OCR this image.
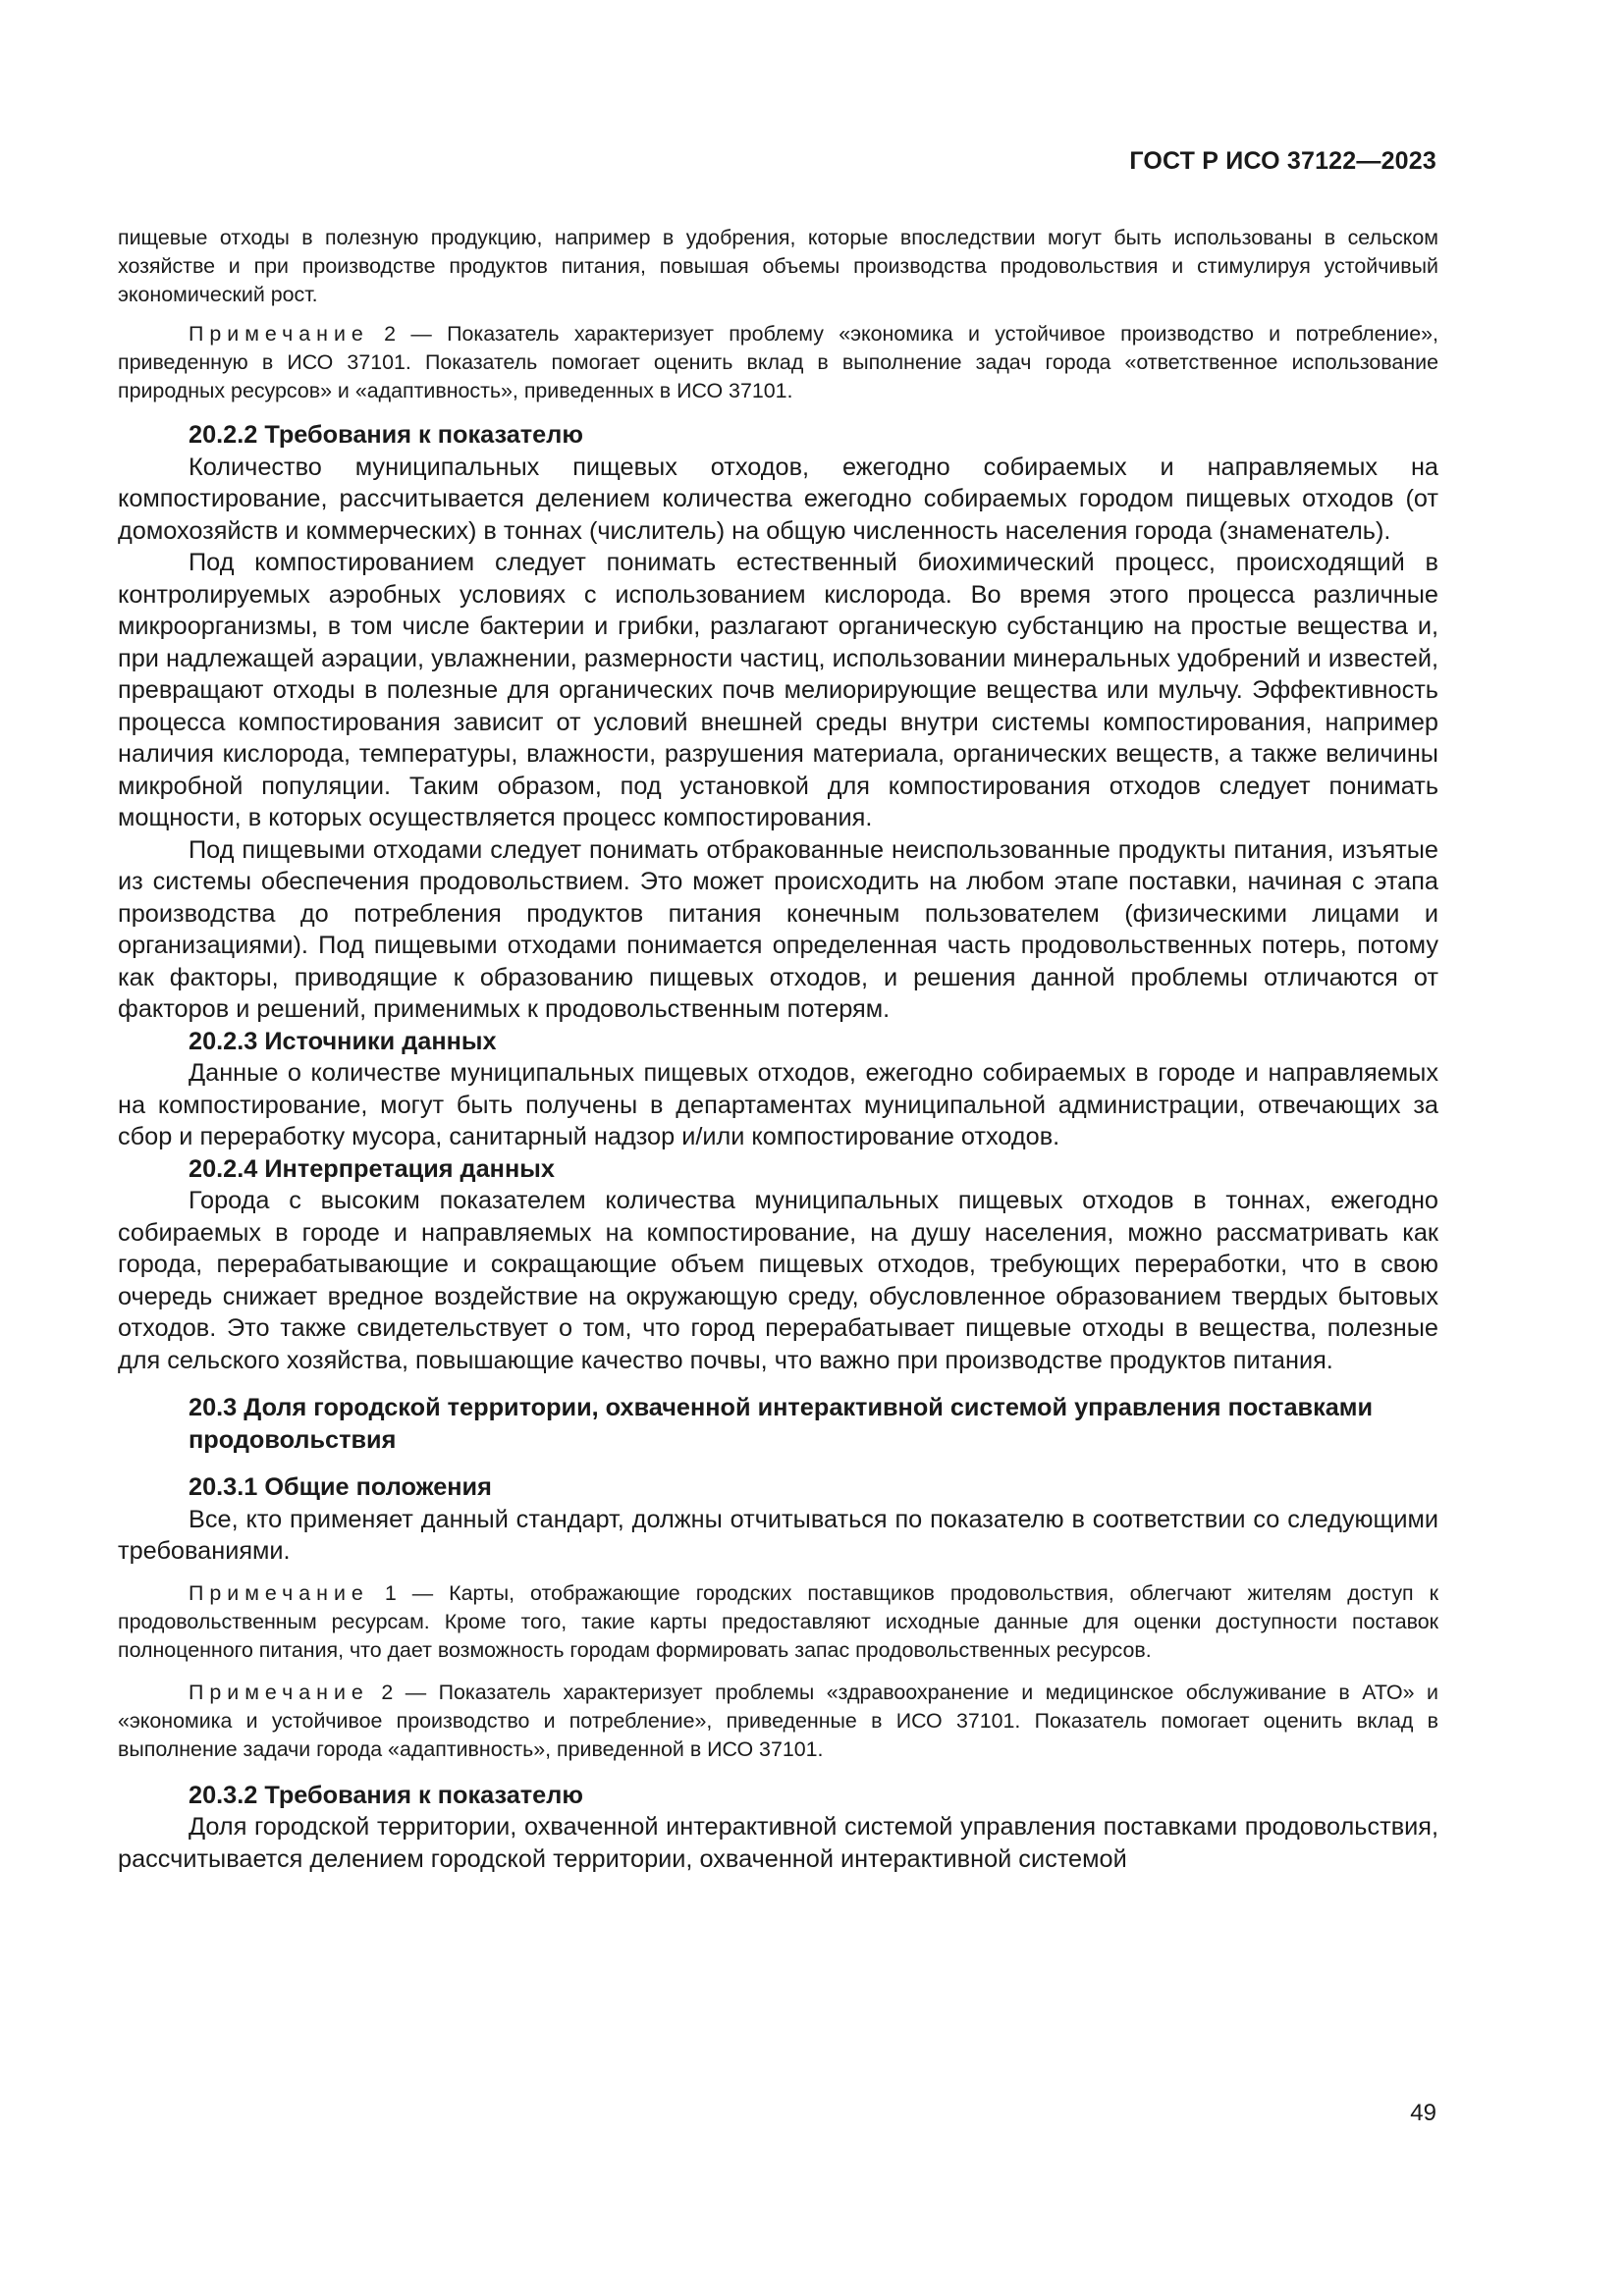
ГОСТ Р ИСО 37122—2023

пищевые отходы в полезную продукцию, например в удобрения, которые впоследствии могут быть использованы в сельском хозяйстве и при производстве продуктов питания, повышая объемы производства продовольствия и стимулируя устойчивый экономический рост.

Примечание 2 — Показатель характеризует проблему «экономика и устойчивое производство и потребление», приведенную в ИСО 37101. Показатель помогает оценить вклад в выполнение задач города «ответственное использование природных ресурсов» и «адаптивность», приведенных в ИСО 37101.

20.2.2 Требования к показателю

Количество муниципальных пищевых отходов, ежегодно собираемых и направляемых на компостирование, рассчитывается делением количества ежегодно собираемых городом пищевых отходов (от домохозяйств и коммерческих) в тоннах (числитель) на общую численность населения города (знаменатель).

Под компостированием следует понимать естественный биохимический процесс, происходящий в контролируемых аэробных условиях с использованием кислорода. Во время этого процесса различные микроорганизмы, в том числе бактерии и грибки, разлагают органическую субстанцию на простые вещества и, при надлежащей аэрации, увлажнении, размерности частиц, использовании минеральных удобрений и известей, превращают отходы в полезные для органических почв мелиорирующие вещества или мульчу. Эффективность процесса компостирования зависит от условий внешней среды внутри системы компостирования, например наличия кислорода, температуры, влажности, разрушения материала, органических веществ, а также величины микробной популяции. Таким образом, под установкой для компостирования отходов следует понимать мощности, в которых осуществляется процесс компостирования.

Под пищевыми отходами следует понимать отбракованные неиспользованные продукты питания, изъятые из системы обеспечения продовольствием. Это может происходить на любом этапе поставки, начиная с этапа производства до потребления продуктов питания конечным пользователем (физическими лицами и организациями). Под пищевыми отходами понимается определенная часть продовольственных потерь, потому как факторы, приводящие к образованию пищевых отходов, и решения данной проблемы отличаются от факторов и решений, применимых к продовольственным потерям.

20.2.3 Источники данных

Данные о количестве муниципальных пищевых отходов, ежегодно собираемых в городе и направляемых на компостирование, могут быть получены в департаментах муниципальной администрации, отвечающих за сбор и переработку мусора, санитарный надзор и/или компостирование отходов.

20.2.4 Интерпретация данных

Города с высоким показателем количества муниципальных пищевых отходов в тоннах, ежегодно собираемых в городе и направляемых на компостирование, на душу населения, можно рассматривать как города, перерабатывающие и сокращающие объем пищевых отходов, требующих переработки, что в свою очередь снижает вредное воздействие на окружающую среду, обусловленное образованием твердых бытовых отходов. Это также свидетельствует о том, что город перерабатывает пищевые отходы в вещества, полезные для сельского хозяйства, повышающие качество почвы, что важно при производстве продуктов питания.

20.3 Доля городской территории, охваченной интерактивной системой управления поставками продовольствия

20.3.1 Общие положения

Все, кто применяет данный стандарт, должны отчитываться по показателю в соответствии со следующими требованиями.

Примечание 1 — Карты, отображающие городских поставщиков продовольствия, облегчают жителям доступ к продовольственным ресурсам. Кроме того, такие карты предоставляют исходные данные для оценки доступности поставок полноценного питания, что дает возможность городам формировать запас продовольственных ресурсов.

Примечание 2 — Показатель характеризует проблемы «здравоохранение и медицинское обслуживание в АТО» и «экономика и устойчивое производство и потребление», приведенные в ИСО 37101. Показатель помогает оценить вклад в выполнение задачи города «адаптивность», приведенной в ИСО 37101.

20.3.2 Требования к показателю

Доля городской территории, охваченной интерактивной системой управления поставками продовольствия, рассчитывается делением городской территории, охваченной интерактивной системой

49
